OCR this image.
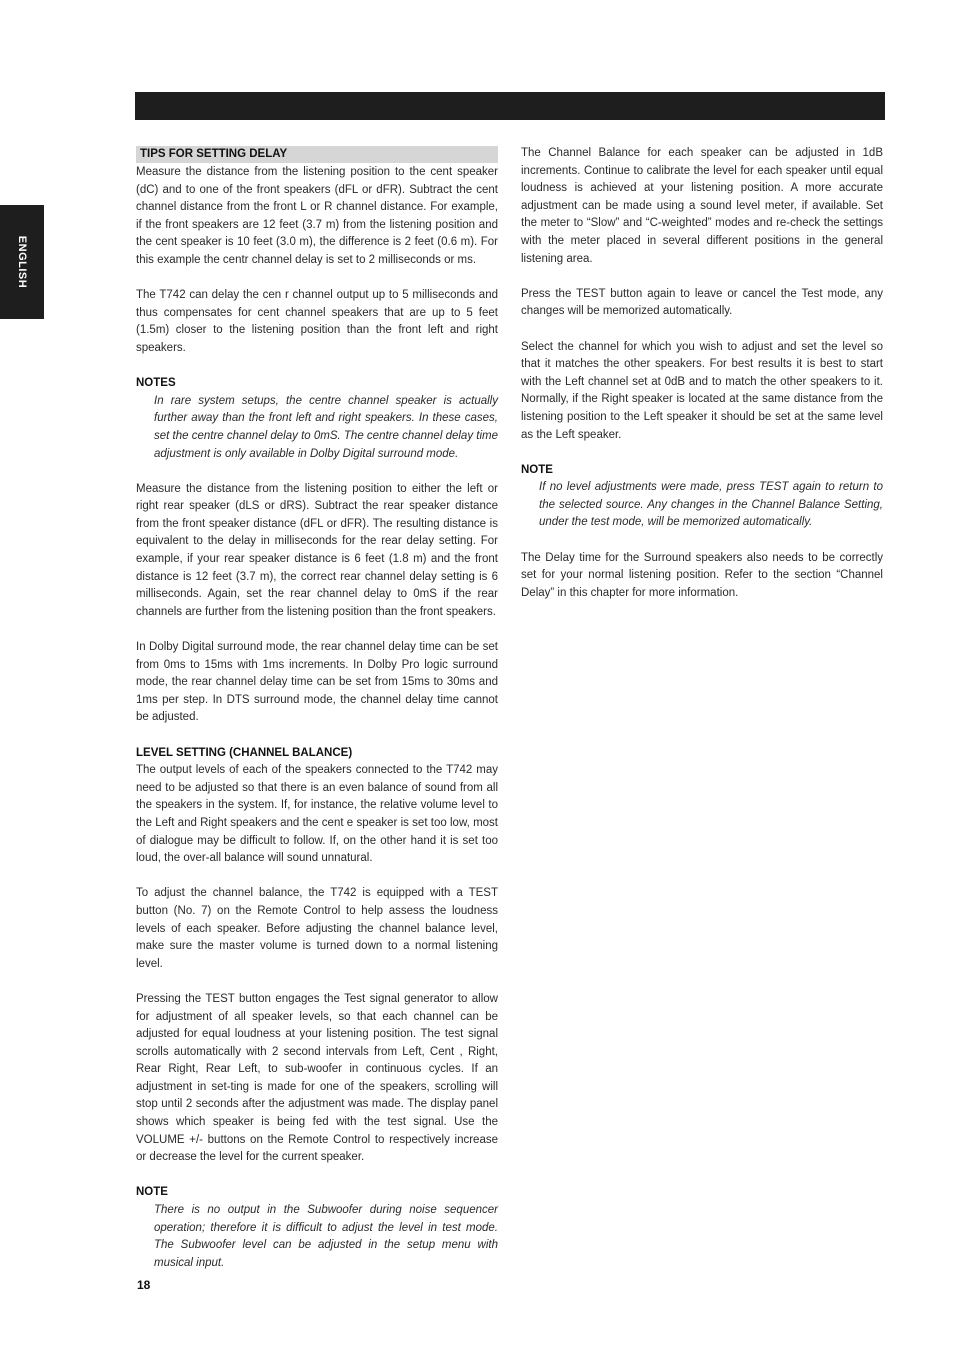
ENGLISH
TIPS FOR SETTING DELAY

Measure the distance from the listening position to the cent speaker (dC) and to one of the front speakers (dFL or dFR). Subtract the cent channel distance from the front L or R channel distance. For example, if the front speakers are 12 feet (3.7 m) from the listening position and the cent speaker is 10 feet (3.0 m), the difference is 2 feet (0.6 m). For this example the centr channel delay is set to 2 milliseconds or ms.

The T742 can delay the cen r channel output up to 5 milliseconds and thus compensates for cent channel speakers that are up to 5 feet (1.5m) closer to the listening position than the front left and right speakers.

NOTES

In rare system setups, the centre channel speaker is actually further away than the front left and right speakers. In these cases, set the centre channel delay to 0mS. The centre channel delay time adjustment is only available in Dolby Digital surround mode.

Measure the distance from the listening position to either the left or right rear speaker (dLS or dRS). Subtract the rear speaker distance from the front speaker distance (dFL or dFR). The resulting distance is equivalent to the delay in milliseconds for the rear delay setting. For example, if your rear speaker distance is 6 feet (1.8 m) and the front distance is 12 feet (3.7 m), the correct rear channel delay setting is 6 milliseconds. Again, set the rear channel delay to 0mS if the rear channels are further from the listening position than the front speakers.

In Dolby Digital surround mode, the rear channel delay time can be set from 0ms to 15ms with 1ms increments. In Dolby Pro logic surround mode, the rear channel delay time can be set from 15ms to 30ms and 1ms per step. In DTS surround mode, the channel delay time cannot be adjusted.

LEVEL SETTING (CHANNEL BALANCE)

The output levels of each of the speakers connected to the T742 may need to be adjusted so that there is an even balance of sound from all the speakers in the system. If, for instance, the relative volume level to the Left and Right speakers and the cent e speaker is set too low, most of dialogue may be difficult to follow. If, on the other hand it is set too loud, the over-all balance will sound unnatural.

To adjust the channel balance, the T742 is equipped with a TEST button (No. 7) on the Remote Control to help assess the loudness levels of each speaker. Before adjusting the channel balance level, make sure the master volume is turned down to a normal listening level.

Pressing the TEST button engages the Test signal generator to allow for adjustment of all speaker levels, so that each channel can be adjusted for equal loudness at your listening position. The test signal scrolls automatically with 2 second intervals from Left, Cent , Right, Rear Right, Rear Left, to sub-woofer in continuous cycles. If an adjustment in set-ting is made for one of the speakers, scrolling will stop until 2 seconds after the adjustment was made. The display panel shows which speaker is being fed with the test signal. Use the VOLUME +/- buttons on the Remote Control to respectively increase or decrease the level for the current speaker.

NOTE

There is no output in the Subwoofer during noise sequencer operation; therefore it is difficult to adjust the level in test mode. The Subwoofer level can be adjusted in the setup menu with musical input.

The Channel Balance for each speaker can be adjusted in 1dB increments. Continue to calibrate the level for each speaker until equal loudness is achieved at your listening position. A more accurate adjustment can be made using a sound level meter, if available. Set the meter to “Slow” and “C-weighted” modes and re-check the settings with the meter placed in several different positions in the general listening area.

Press the TEST button again to leave or cancel the Test mode, any changes will be memorized automatically.

Select the channel for which you wish to adjust and set the level so that it matches the other speakers. For best results it is best to start with the Left channel set at 0dB and to match the other speakers to it. Normally, if the Right speaker is located at the same distance from the listening position to the Left speaker it should be set at the same level as the Left speaker.

NOTE

If no level adjustments were made, press TEST again to return to the selected source. Any changes in the Channel Balance Setting, under the test mode, will be memorized automatically.

The Delay time for the Surround speakers also needs to be correctly set for your normal listening position. Refer to the section “Channel Delay” in this chapter for more information.

18
